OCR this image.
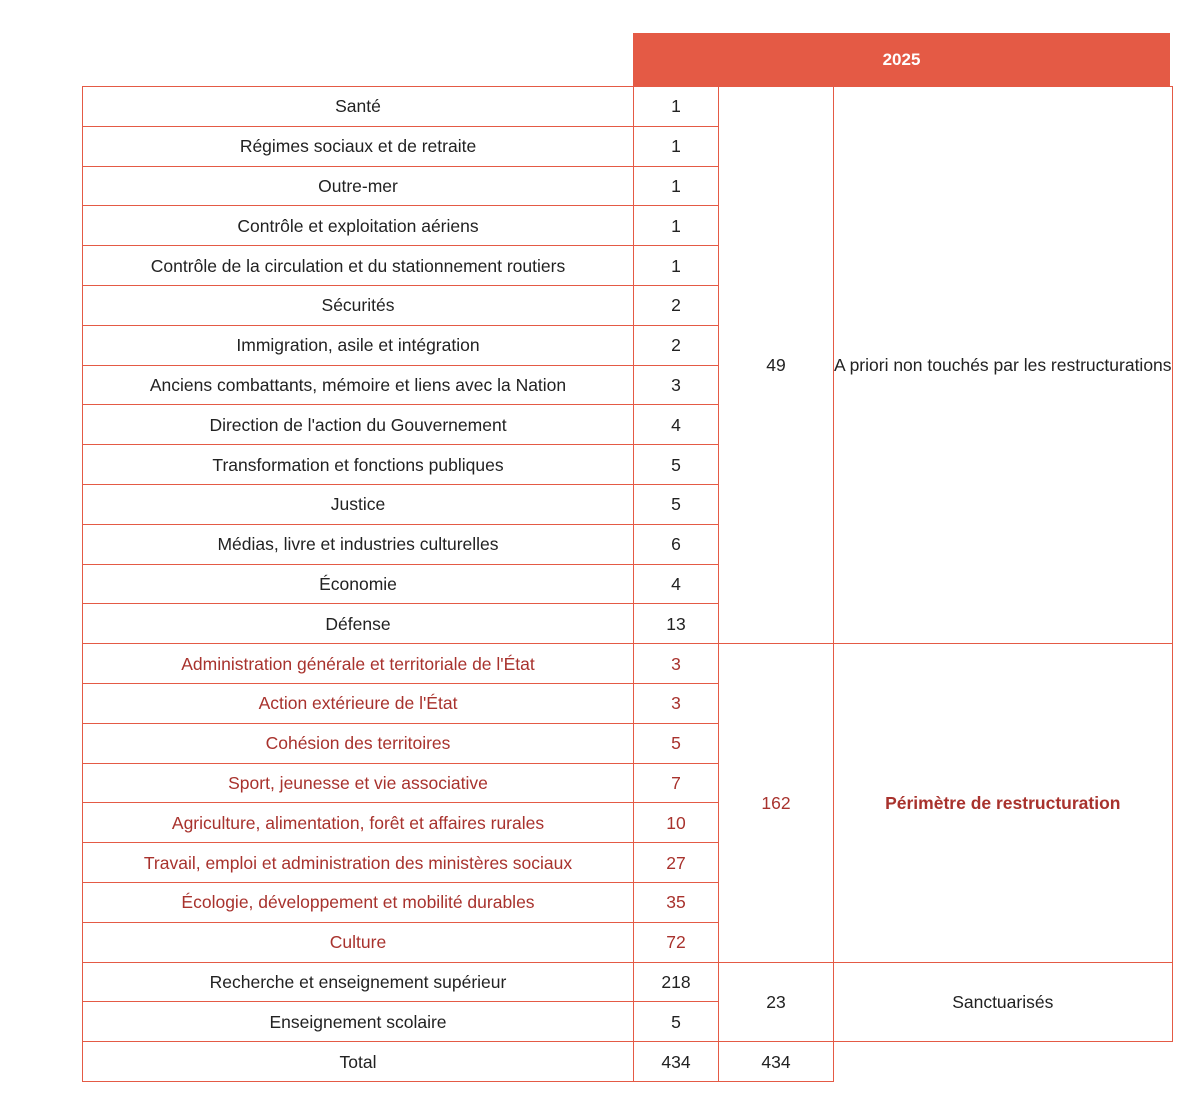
2025
Santé	1	49	A priori non touchés par les restructurations
Régimes sociaux et de retraite	1		
Outre-mer	1		
Contrôle et exploitation aériens	1		
Contrôle de la circulation et du stationnement routiers	1		
Sécurités	2		
Immigration, asile et intégration	2		
Anciens combattants, mémoire et liens avec la Nation	3		
Direction de l'action du Gouvernement	4		
Transformation et fonctions publiques	5		
Justice	5		
Médias, livre et industries culturelles	6		
Économie	4		
Défense	13		
Administration générale et territoriale de l'État	3	162	Périmètre de restructuration
Action extérieure de l'État	3		
Cohésion des territoires	5		
Sport, jeunesse et vie associative	7		
Agriculture, alimentation, forêt et affaires rurales	10		
Travail, emploi et administration des ministères sociaux	27		
Écologie, développement et mobilité durables	35		
Culture	72		
Recherche et enseignement supérieur	218	23	Sanctuarisés
Enseignement scolaire	5		
Total	434	434	
